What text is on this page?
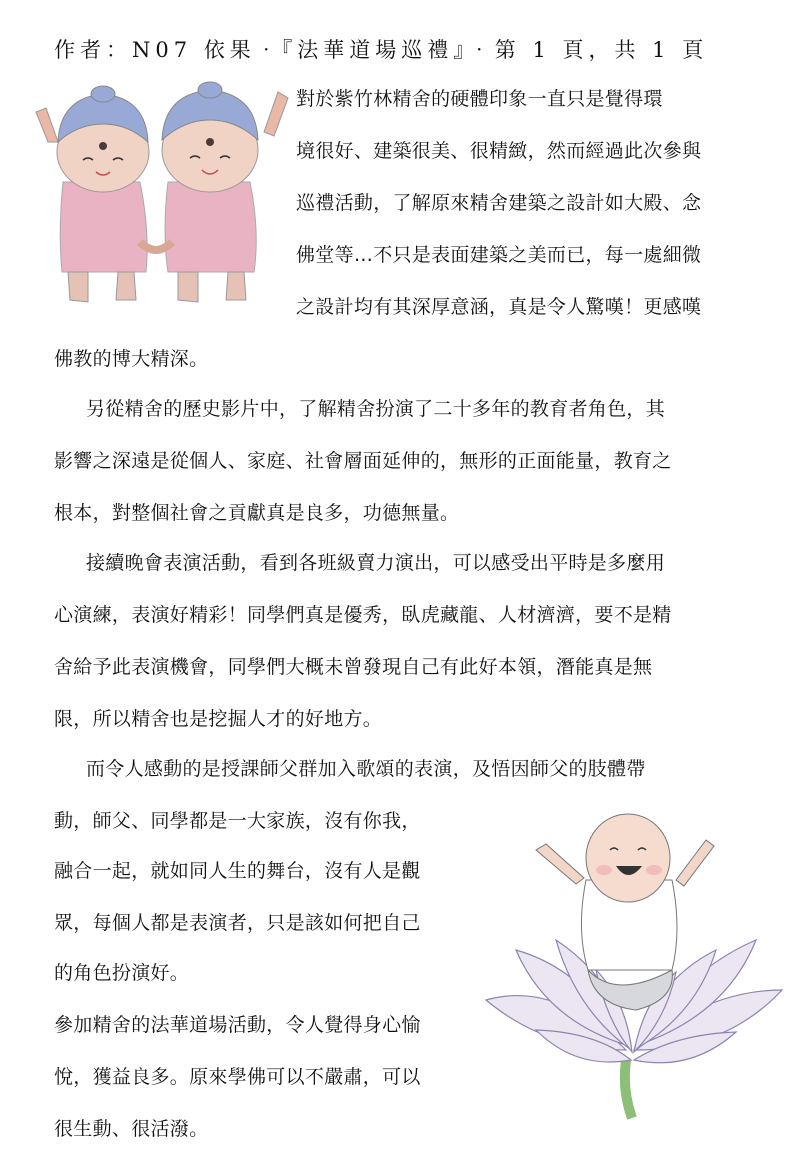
作者：N07 依果‧『法華道場巡禮』‧第 1 頁，共 1 頁
對於紫竹林精舍的硬體印象一直只是覺得環
境很好、建築很美、很精緻，然而經過此次參與
巡禮活動，了解原來精舍建築之設計如大殿、念
佛堂等…不只是表面建築之美而已，每一處細微
之設計均有其深厚意涵，真是令人驚嘆！更感嘆
佛教的博大精深。
另從精舍的歷史影片中，了解精舍扮演了二十多年的教育者角色，其
影響之深遠是從個人、家庭、社會層面延伸的，無形的正面能量，教育之
根本，對整個社會之貢獻真是良多，功德無量。
接續晚會表演活動，看到各班級賣力演出，可以感受出平時是多麼用
心演練，表演好精彩！同學們真是優秀，臥虎藏龍、人材濟濟，要不是精
舍給予此表演機會，同學們大概未曾發現自己有此好本領，潛能真是無
限，所以精舍也是挖掘人才的好地方。
而令人感動的是授課師父群加入歌頌的表演，及悟因師父的肢體帶
動，師父、同學都是一大家族，沒有你我，
融合一起，就如同人生的舞台，沒有人是觀
眾，每個人都是表演者，只是該如何把自己
的角色扮演好。
參加精舍的法華道場活動，令人覺得身心愉
悅，獲益良多。原來學佛可以不嚴肅，可以
很生動、很活潑。
